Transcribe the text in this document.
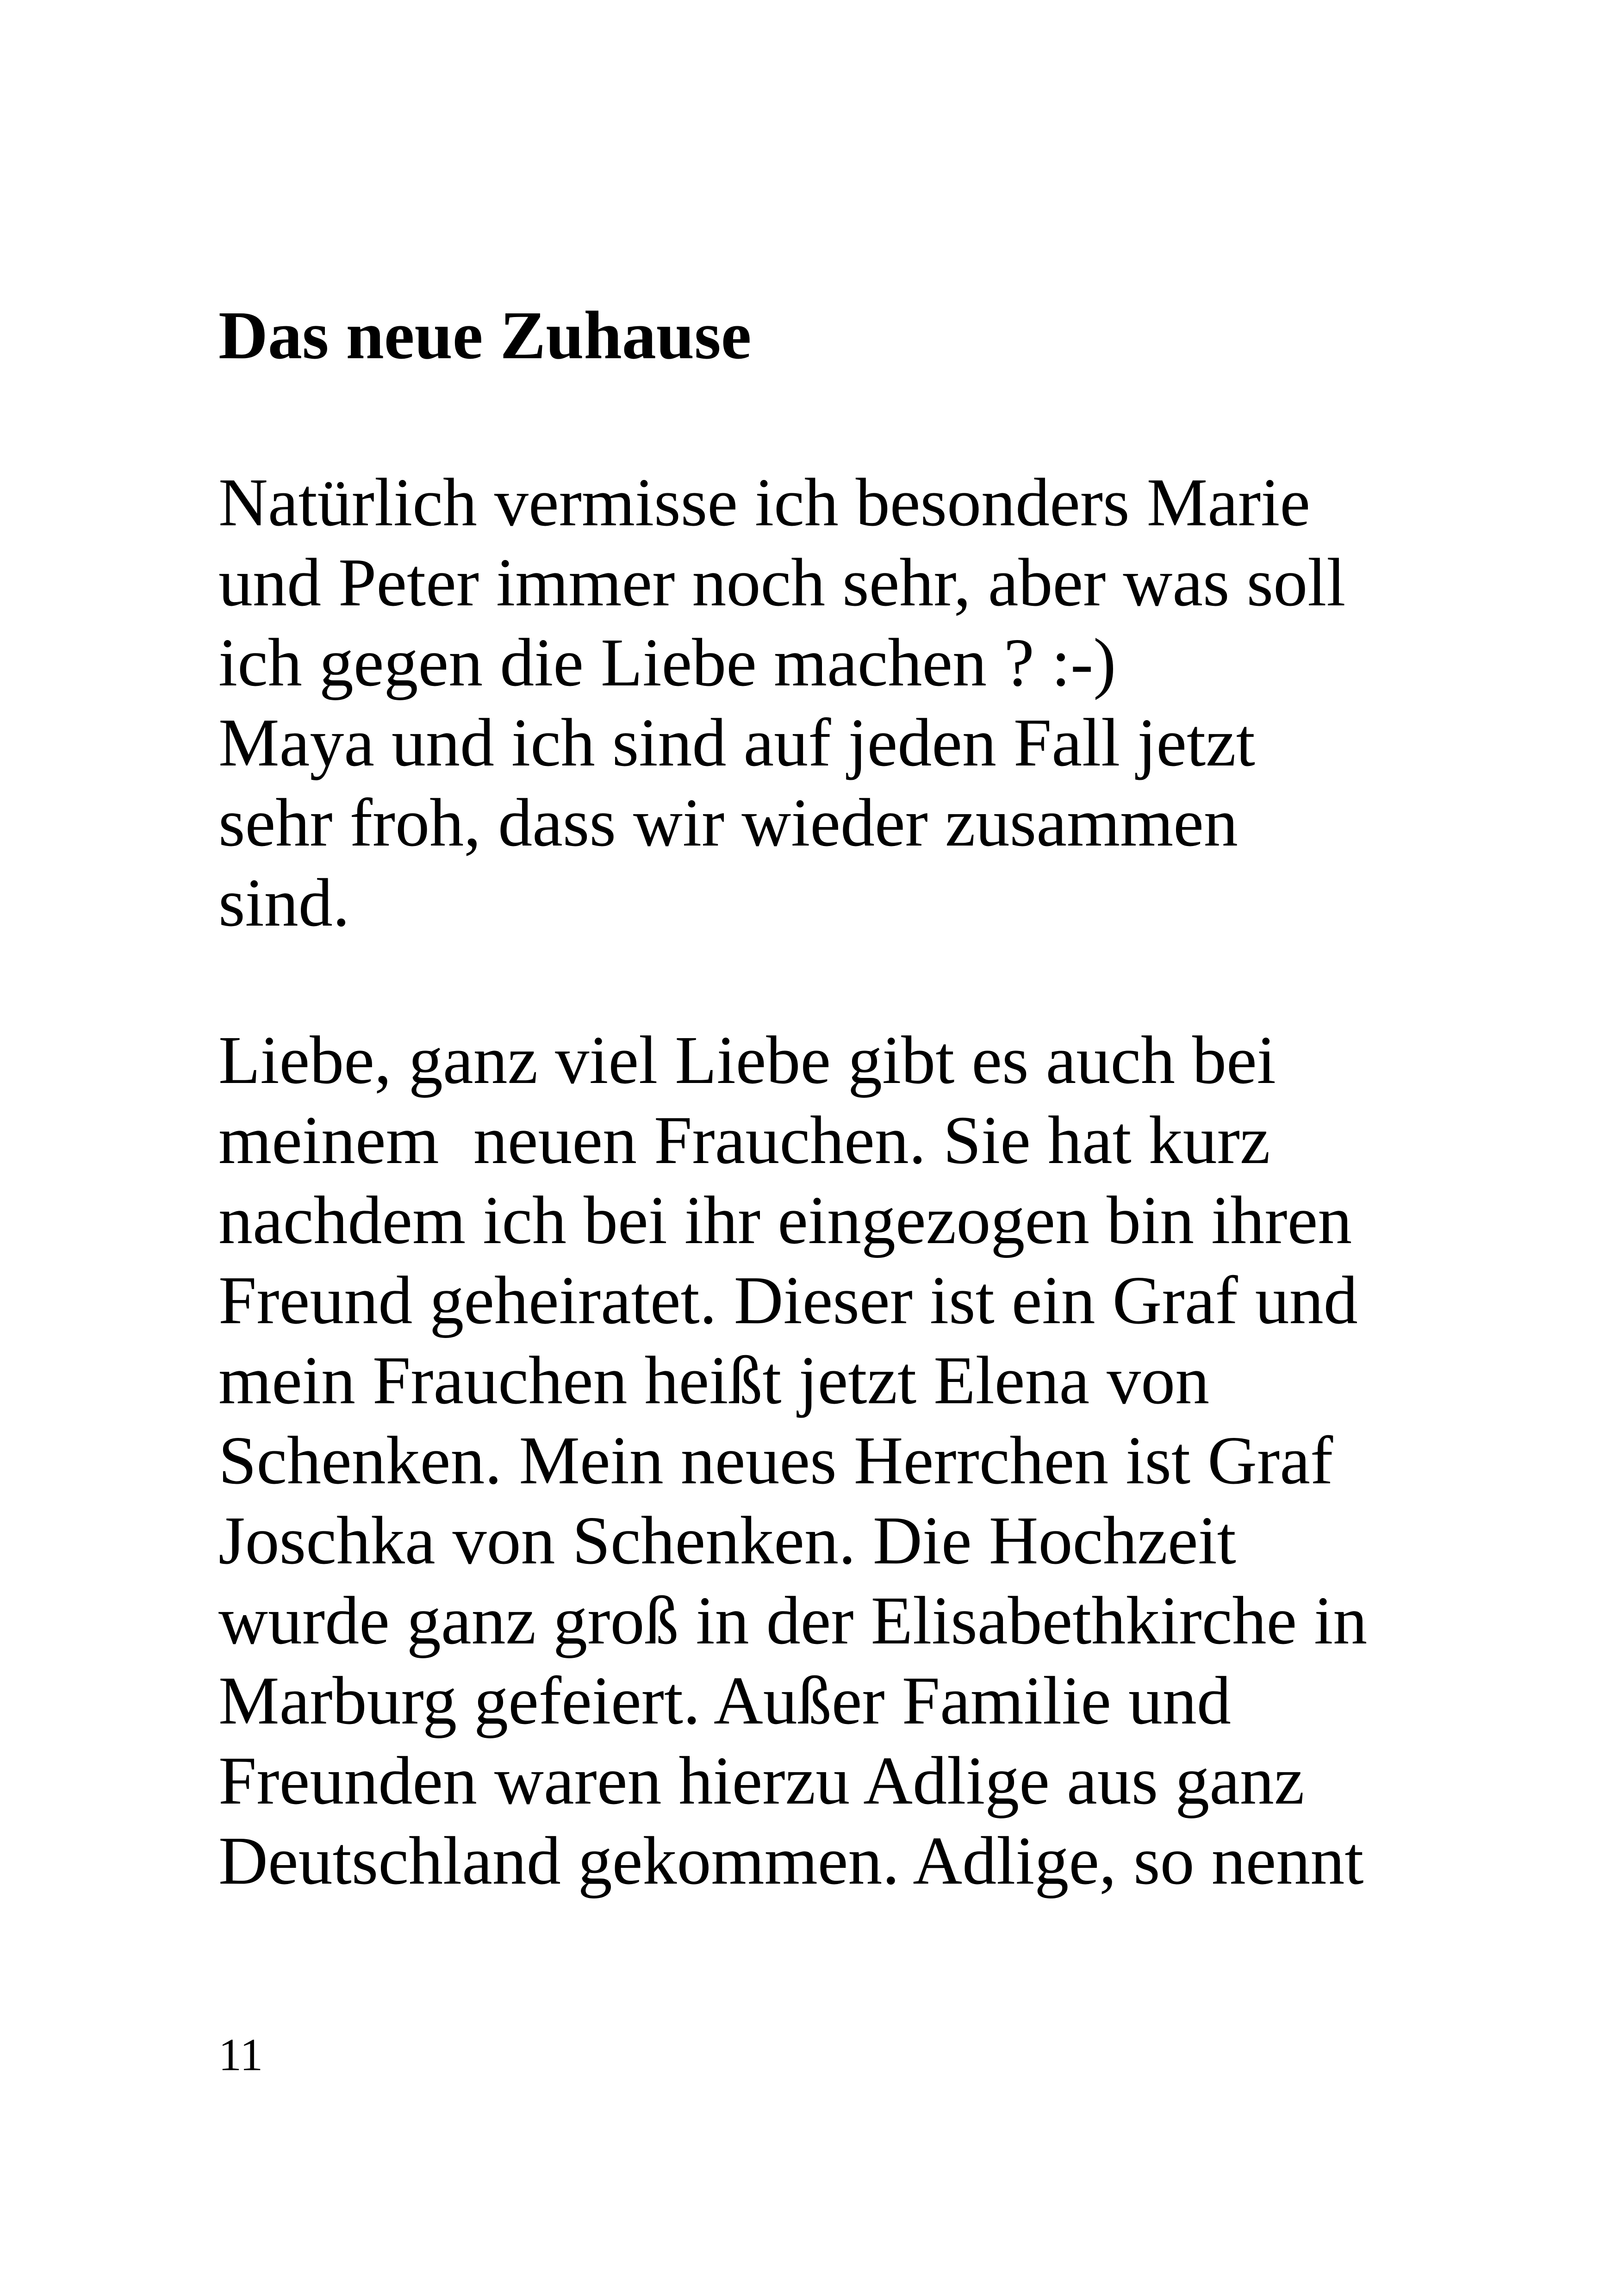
Das neue Zuhause

Natürlich vermisse ich besonders Marie
und Peter immer noch sehr, aber was soll
ich gegen die Liebe machen ? :-)
Maya und ich sind auf jeden Fall jetzt
sehr froh, dass wir wieder zusammen
sind.

Liebe, ganz viel Liebe gibt es auch bei
meinem  neuen Frauchen. Sie hat kurz
nachdem ich bei ihr eingezogen bin ihren
Freund geheiratet. Dieser ist ein Graf und
mein Frauchen heißt jetzt Elena von
Schenken. Mein neues Herrchen ist Graf
Joschka von Schenken. Die Hochzeit
wurde ganz groß in der Elisabethkirche in
Marburg gefeiert. Außer Familie und
Freunden waren hierzu Adlige aus ganz
Deutschland gekommen. Adlige, so nennt

11
